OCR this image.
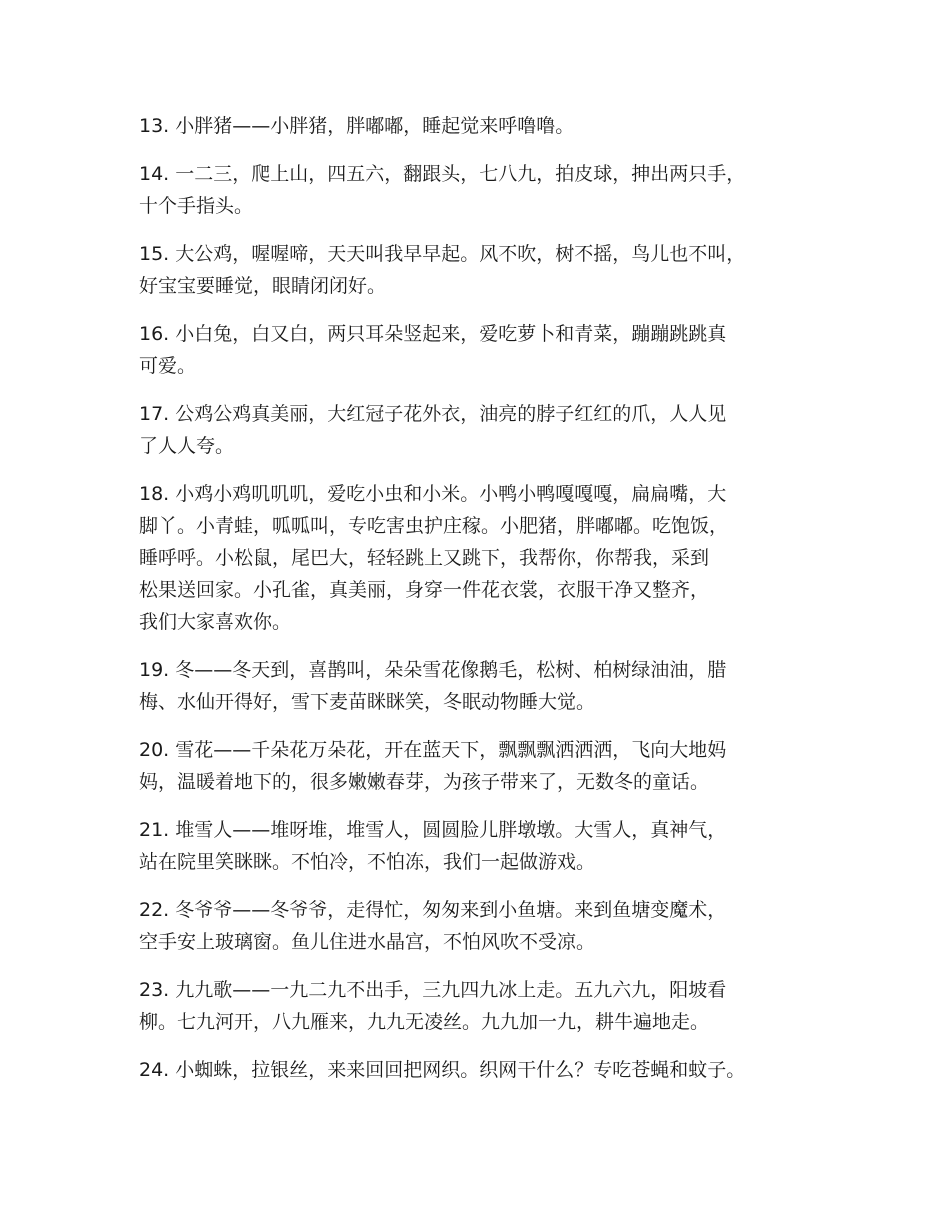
13. 小胖猪——小胖猪，胖嘟嘟，睡起觉来呼噜噜。
14. 一二三，爬上山，四五六，翻跟头，七八九，拍皮球，抻出两只手，
十个手指头。
15. 大公鸡，喔喔啼，天天叫我早早起。风不吹，树不摇，鸟儿也不叫，
好宝宝要睡觉，眼睛闭闭好。
16. 小白兔，白又白，两只耳朵竖起来，爱吃萝卜和青菜，蹦蹦跳跳真
可爱。
17. 公鸡公鸡真美丽，大红冠子花外衣，油亮的脖子红红的爪，人人见
了人人夸。
18. 小鸡小鸡叽叽叽，爱吃小虫和小米。小鸭小鸭嘎嘎嘎，扁扁嘴，大
脚丫。小青蛙，呱呱叫，专吃害虫护庄稼。小肥猪，胖嘟嘟。吃饱饭，
睡呼呼。小松鼠，尾巴大，轻轻跳上又跳下，我帮你，你帮我，采到
松果送回家。小孔雀，真美丽，身穿一件花衣裳，衣服干净又整齐，
我们大家喜欢你。
19. 冬——冬天到，喜鹊叫，朵朵雪花像鹅毛，松树、柏树绿油油，腊
梅、水仙开得好，雪下麦苗眯眯笑，冬眠动物睡大觉。
20. 雪花——千朵花万朵花，开在蓝天下，飘飘飘洒洒洒，飞向大地妈
妈，温暖着地下的，很多嫩嫩春芽，为孩子带来了，无数冬的童话。
21. 堆雪人——堆呀堆，堆雪人，圆圆脸儿胖墩墩。大雪人，真神气，
站在院里笑眯眯。不怕冷，不怕冻，我们一起做游戏。
22. 冬爷爷——冬爷爷，走得忙，匆匆来到小鱼塘。来到鱼塘变魔术，
空手安上玻璃窗。鱼儿住进水晶宫，不怕风吹不受凉。
23. 九九歌——一九二九不出手，三九四九冰上走。五九六九，阳坡看
柳。七九河开，八九雁来，九九无凌丝。九九加一九，耕牛遍地走。
24. 小蜘蛛，拉银丝，来来回回把网织。织网干什么？专吃苍蝇和蚊子。
